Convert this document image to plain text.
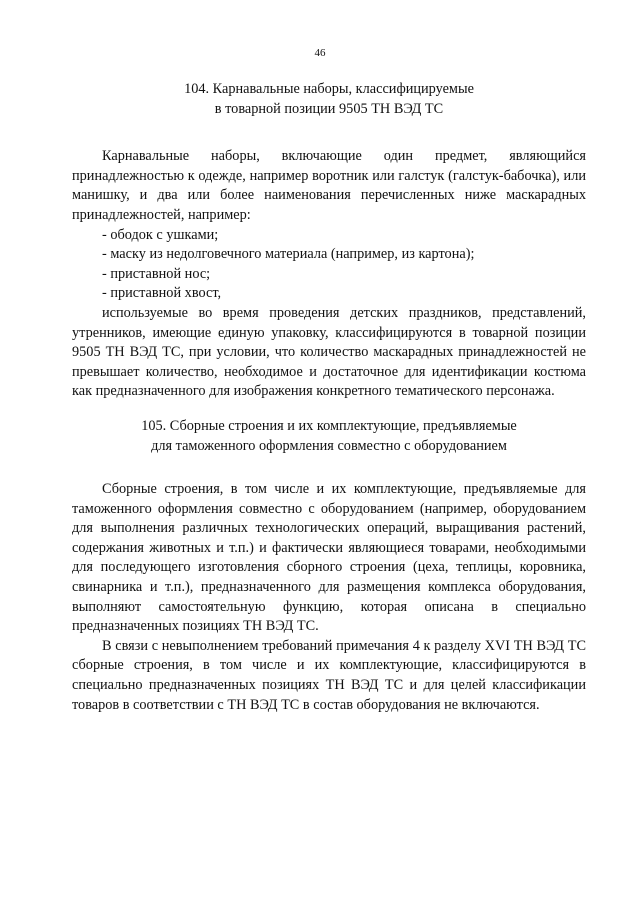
46
104. Карнавальные наборы, классифицируемые
в товарной позиции 9505 ТН ВЭД ТС

Карнавальные наборы, включающие один предмет, являющийся принадлежностью к одежде, например воротник или галстук (галстук-бабочка), или манишку, и два или более наименования перечисленных ниже маскарадных принадлежностей, например:

- ободок с ушками;
- маску из недолговечного материала (например, из картона);
- приставной нос;
- приставной хвост,

используемые во время проведения детских праздников, представлений, утренников, имеющие единую упаковку, классифицируются в товарной позиции 9505 ТН ВЭД ТС, при условии, что количество маскарадных принадлежностей не превышает количество, необходимое и достаточное для идентификации костюма как предназначенного для изображения конкретного тематического персонажа.

105. Сборные строения и их комплектующие, предъявляемые
для таможенного оформления совместно с оборудованием

Сборные строения, в том числе и их комплектующие, предъявляемые для таможенного оформления совместно с оборудованием (например, оборудованием для выполнения различных технологических операций, выращивания растений, содержания животных и т.п.) и фактически являющиеся товарами, необходимыми для последующего изготовления сборного строения (цеха, теплицы, коровника, свинарника и т.п.), предназначенного для размещения комплекса оборудования, выполняют самостоятельную функцию, которая описана в специально предназначенных позициях ТН ВЭД ТС.

В связи с невыполнением требований примечания 4 к разделу XVI ТН ВЭД ТС сборные строения, в том числе и их комплектующие, классифицируются в специально предназначенных позициях ТН ВЭД ТС и для целей классификации товаров в соответствии с ТН ВЭД ТС в состав оборудования не включаются.
